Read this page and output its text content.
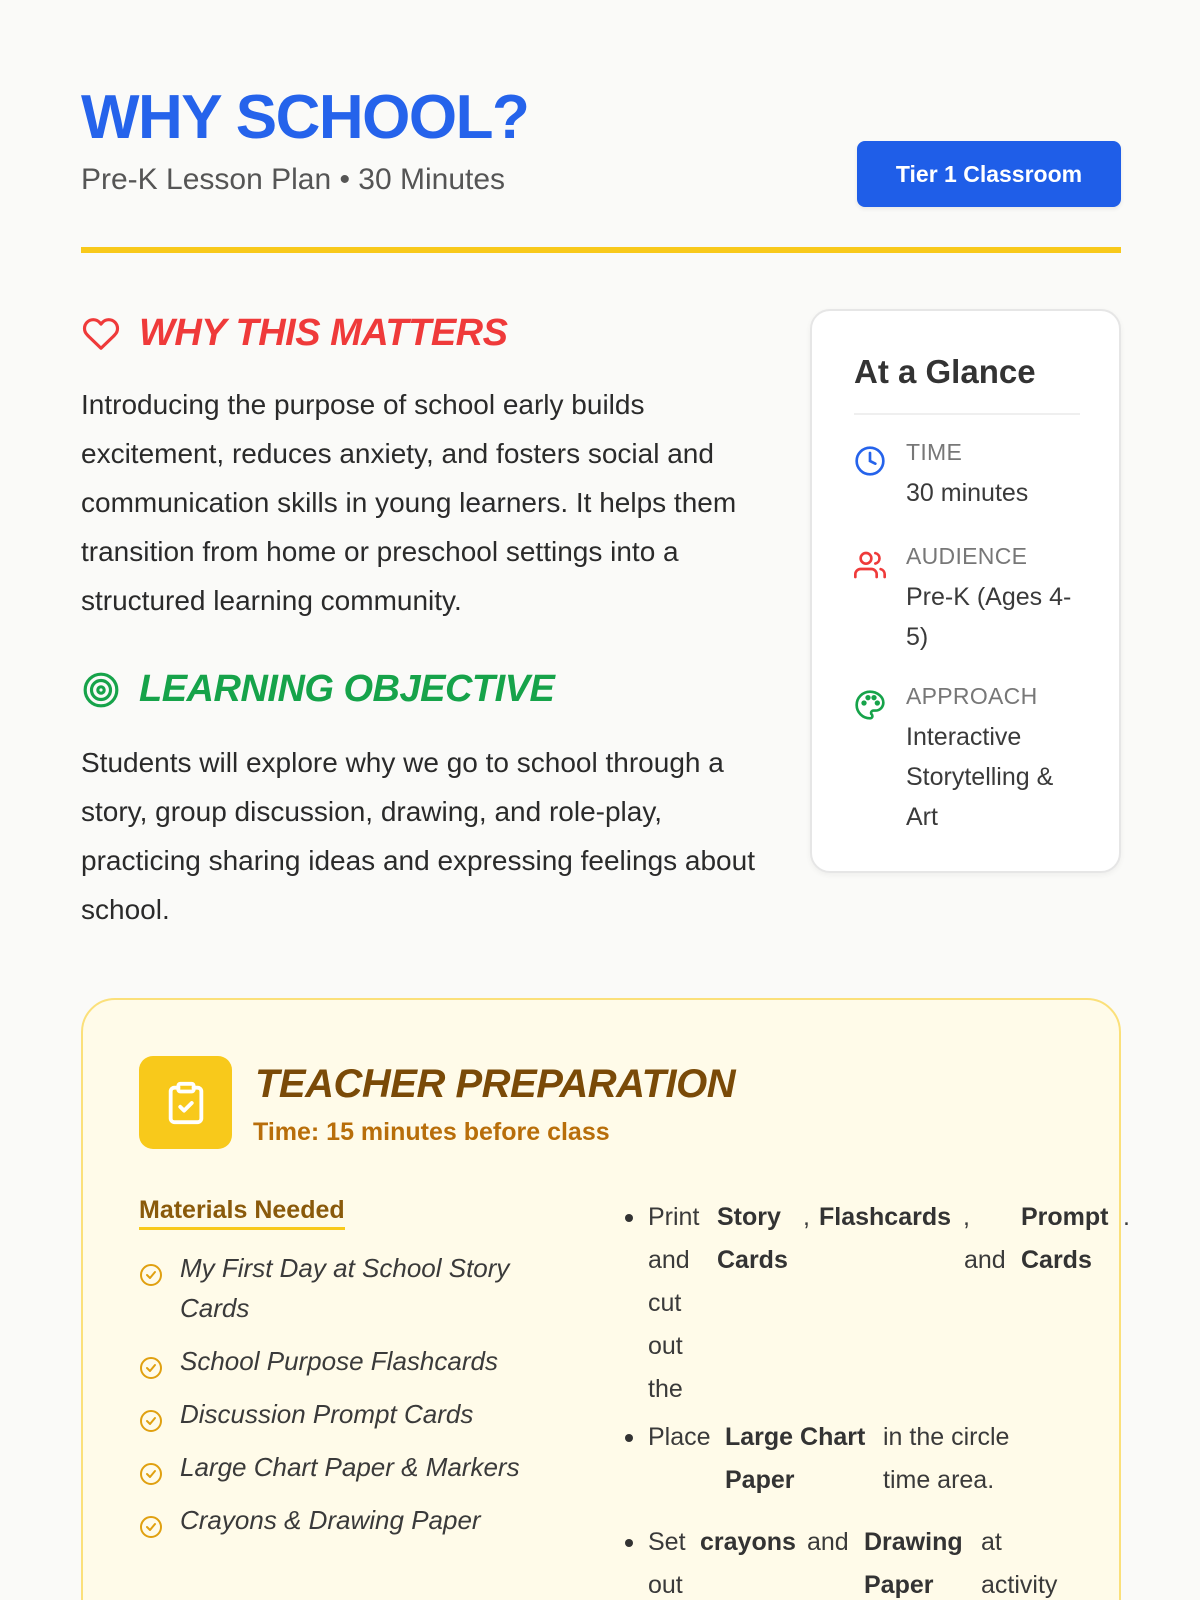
WHY SCHOOL?
Pre-K Lesson Plan • 30 Minutes	Tier 1 Classroom
WHY THIS MATTERS

Introducing the purpose of school early builds excitement, reduces anxiety, and fosters social and communication skills in young learners. It helps them transition from home or preschool settings into a structured learning community.

LEARNING OBJECTIVE

Students will explore why we go to school through a story, group discussion, drawing, and role-play, practicing sharing ideas and expressing feelings about school.

At a Glance
TIME
30 minutes
AUDIENCE
Pre-K (Ages 4-5)
APPROACH
Interactive Storytelling & Art
TEACHER PREPARATION
Time: 15 minutes before class
Materials Needed
My First Day at School Story Cards
School Purpose Flashcards
Discussion Prompt Cards
Large Chart Paper & Markers
Crayons & Drawing Paper
Print and cut out the
Story Cards
, Flashcards ,
and
Prompt Cards
.
Place Large Chart Paper
in the circle time area.
Set out
crayons and Drawing Paper
at activity
